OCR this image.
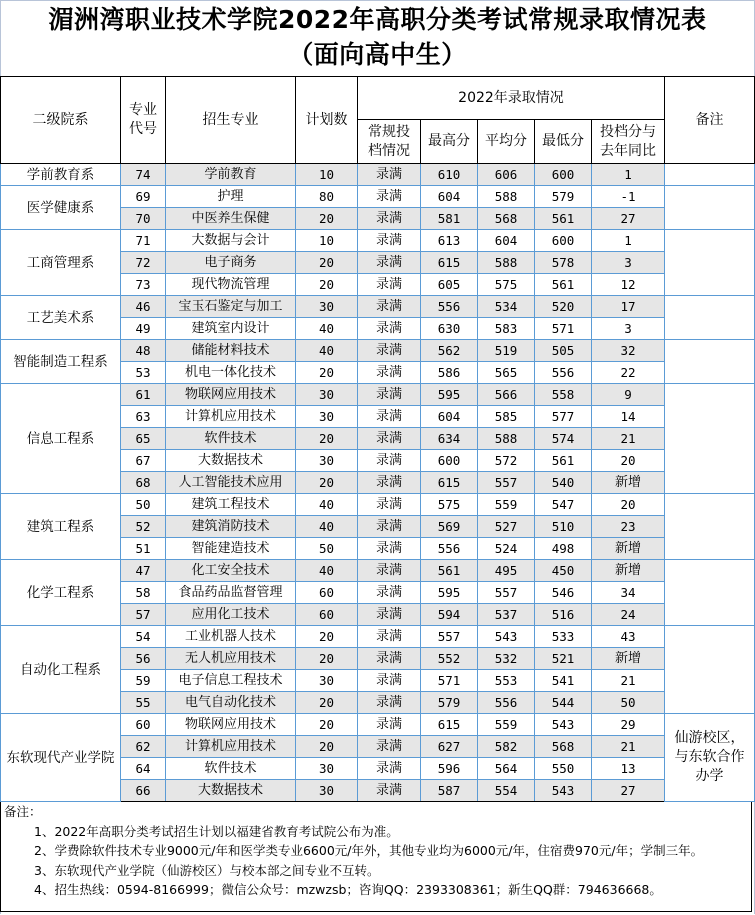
湄洲湾职业技术学院2022年高职分类考试常规录取情况表
（面向高中生）
二级院系	专业代号	招生专业	计划数	2022年录取情况					备注
				常规投档情况	最高分	平均分	最低分	投档分与去年同比	
学前教育系	74	学前教育	10	录满	610	606	600	1	
医学健康系	69	护理	80	录满	604	588	579	-1	
	70	中医养生保健	20	录满	581	568	561	27	
工商管理系	71	大数据与会计	10	录满	613	604	600	1	
	72	电子商务	20	录满	615	588	578	3	
	73	现代物流管理	20	录满	605	575	561	12	
工艺美术系	46	宝玉石鉴定与加工	30	录满	556	534	520	17	
	49	建筑室内设计	40	录满	630	583	571	3	
智能制造工程系	48	储能材料技术	40	录满	562	519	505	32	
	53	机电一体化技术	20	录满	586	565	556	22	
信息工程系	61	物联网应用技术	30	录满	595	566	558	9	
	63	计算机应用技术	30	录满	604	585	577	14	
	65	软件技术	20	录满	634	588	574	21	
	67	大数据技术	30	录满	600	572	561	20	
	68	人工智能技术应用	20	录满	615	557	540	新增	
建筑工程系	50	建筑工程技术	40	录满	575	559	547	20	
	52	建筑消防技术	40	录满	569	527	510	23	
	51	智能建造技术	50	录满	556	524	498	新增	
化学工程系	47	化工安全技术	40	录满	561	495	450	新增	
	58	食品药品监督管理	60	录满	595	557	546	34	
	57	应用化工技术	60	录满	594	537	516	24	
自动化工程系	54	工业机器人技术	20	录满	557	543	533	43	
	56	无人机应用技术	20	录满	552	532	521	新增	
	59	电子信息工程技术	30	录满	571	553	541	21	
	55	电气自动化技术	20	录满	579	556	544	50	
东软现代产业学院	60	物联网应用技术	20	录满	615	559	543	29	仙游校区，与东软合作办学
	62	计算机应用技术	20	录满	627	582	568	21	
	64	软件技术	30	录满	596	564	550	13	
	66	大数据技术	30	录满	587	554	543	27	

备注：

1、2022年高职分类考试招生计划以福建省教育考试院公布为准。

2、学费除软件技术专业9000元/年和医学类专业6600元/年外，其他专业均为6000元/年，住宿费970元/年；学制三年。

3、东软现代产业学院（仙游校区）与校本部之间专业不互转。

4、招生热线：0594-8166999；微信公众号：mzwzsb；咨询QQ：2393308361；新生QQ群：794636668。
